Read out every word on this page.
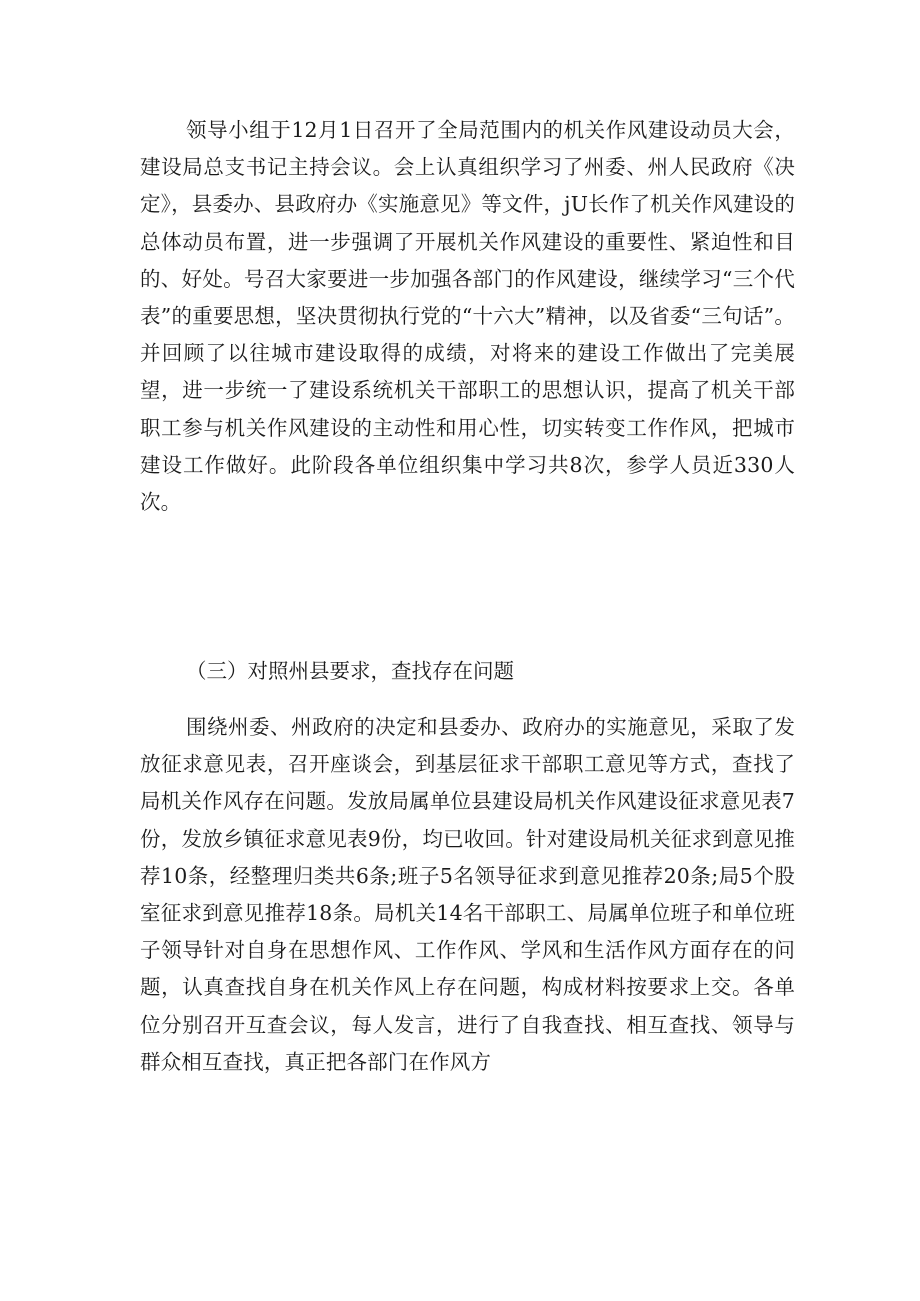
领导小组于12月1日召开了全局范围内的机关作风建设动员大会，建设局总支书记主持会议。会上认真组织学习了州委、州人民政府《决定》，县委办、县政府办《实施意见》等文件，jU长作了机关作风建设的总体动员布置，进一步强调了开展机关作风建设的重要性、紧迫性和目的、好处。号召大家要进一步加强各部门的作风建设，继续学习“三个代表”的重要思想，坚决贯彻执行党的“十六大”精神，以及省委“三句话”。并回顾了以往城市建设取得的成绩，对将来的建设工作做出了完美展望，进一步统一了建设系统机关干部职工的思想认识，提高了机关干部职工参与机关作风建设的主动性和用心性，切实转变工作作风，把城市建设工作做好。此阶段各单位组织集中学习共8次，参学人员近330人次。

（三）对照州县要求，查找存在问题

围绕州委、州政府的决定和县委办、政府办的实施意见，采取了发放征求意见表，召开座谈会，到基层征求干部职工意见等方式，查找了局机关作风存在问题。发放局属单位县建设局机关作风建设征求意见表7份，发放乡镇征求意见表9份，均已收回。针对建设局机关征求到意见推荐10条，经整理归类共6条;班子5名领导征求到意见推荐20条;局5个股室征求到意见推荐18条。局机关14名干部职工、局属单位班子和单位班子领导针对自身在思想作风、工作作风、学风和生活作风方面存在的问题，认真查找自身在机关作风上存在问题，构成材料按要求上交。各单位分别召开互查会议，每人发言，进行了自我查找、相互查找、领导与群众相互查找，真正把各部门在作风方
